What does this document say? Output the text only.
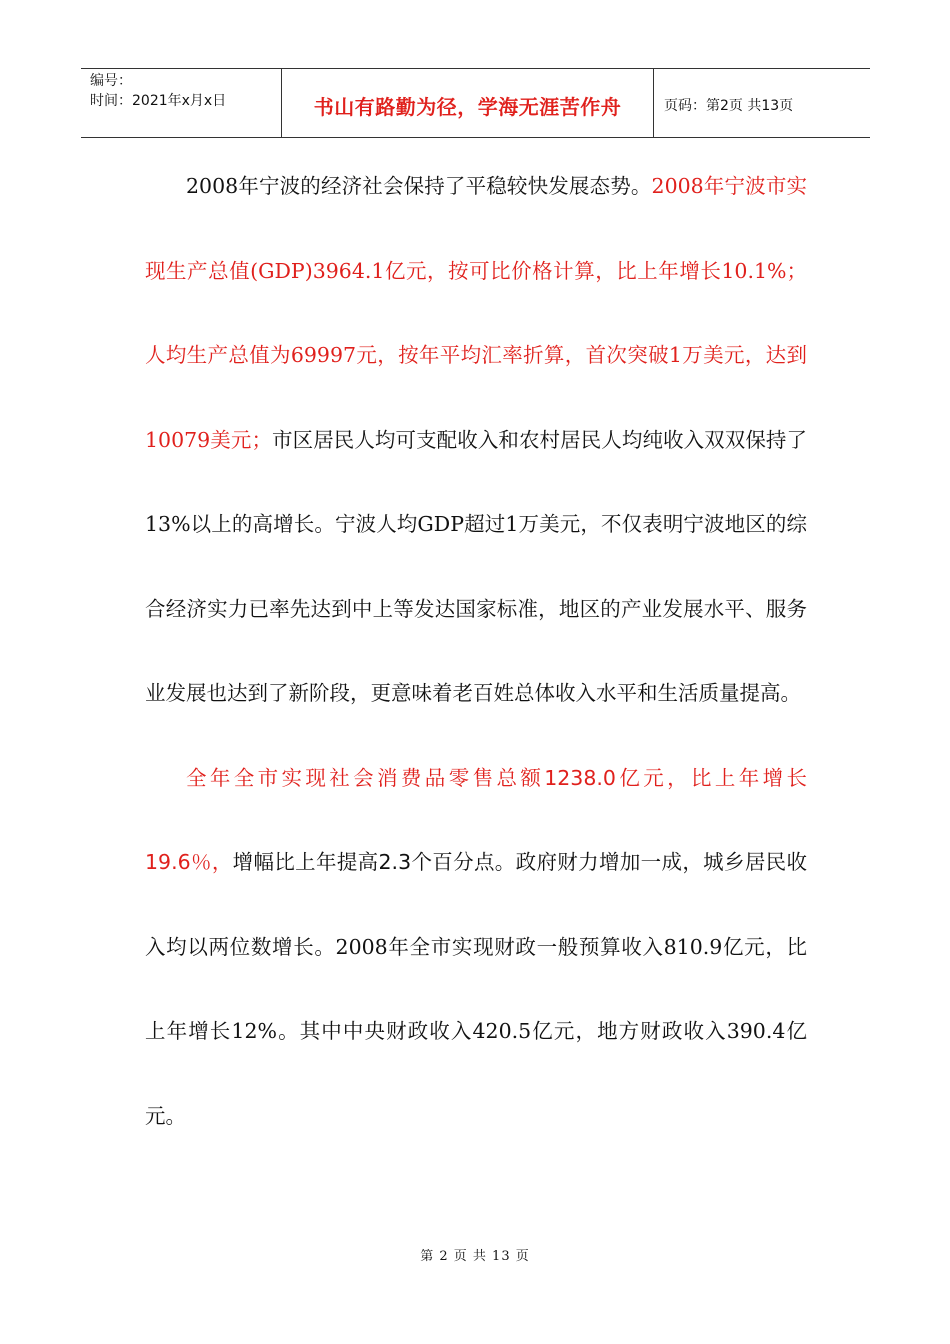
编号：
时间：2021年x月x日	书山有路勤为径，学海无涯苦作舟	页码：第2页 共13页

2008年宁波的经济社会保持了平稳较快发展态势。2008年宁波市实现生产总值(GDP)3964.1亿元，按可比价格计算，比上年增长10.1%；人均生产总值为69997元，按年平均汇率折算，首次突破1万美元，达到10079美元；市区居民人均可支配收入和农村居民人均纯收入双双保持了13%以上的高增长。宁波人均GDP超过1万美元，不仅表明宁波地区的综合经济实力已率先达到中上等发达国家标准，地区的产业发展水平、服务业发展也达到了新阶段，更意味着老百姓总体收入水平和生活质量提高。

全年全市实现社会消费品零售总额1238.0亿元，比上年增长19.6％，增幅比上年提高2.3个百分点。政府财力增加一成，城乡居民收入均以两位数增长。2008年全市实现财政一般预算收入810.9亿元，比上年增长12%。其中中央财政收入420.5亿元，地方财政收入390.4亿元。

第 2 页 共 13 页
